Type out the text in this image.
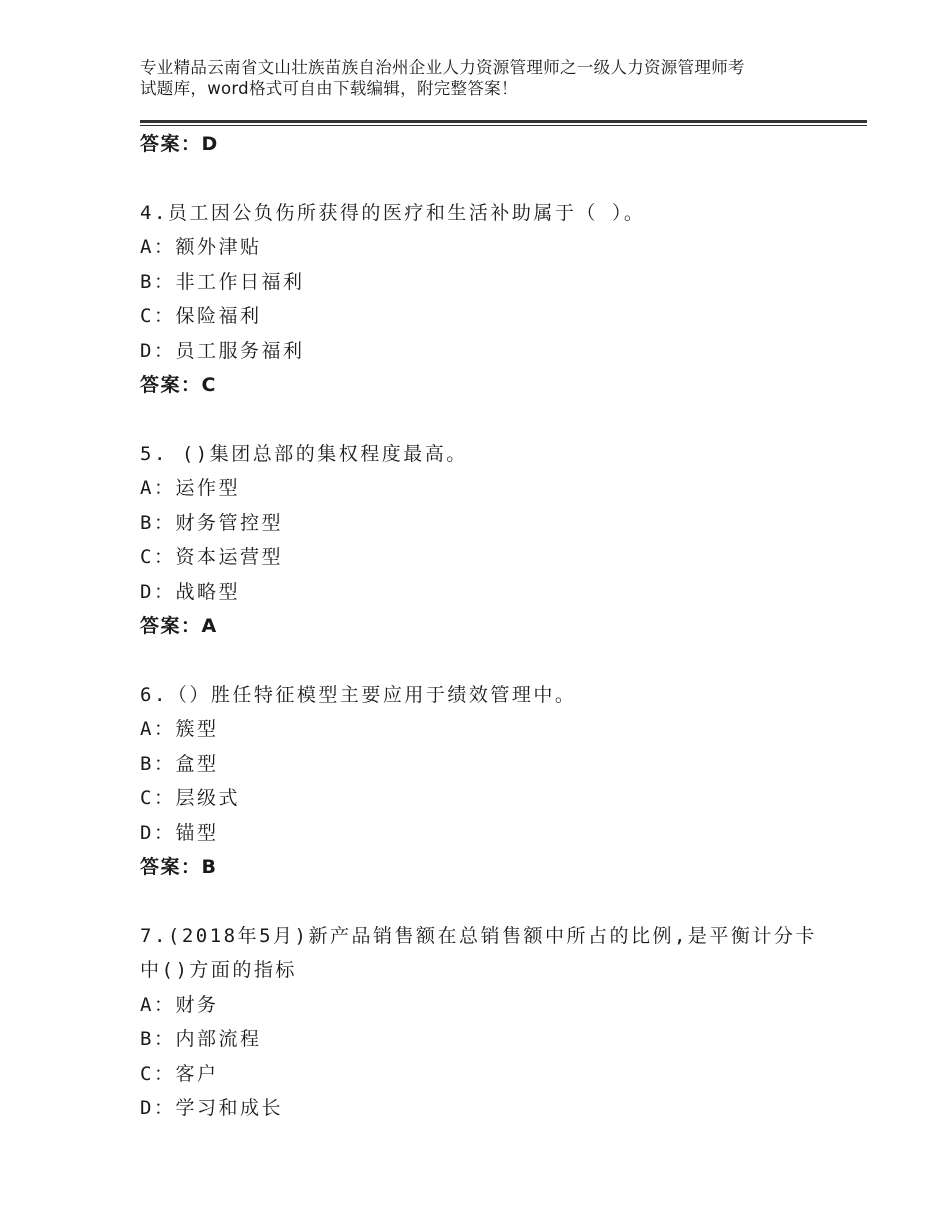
专业精品云南省文山壮族苗族自治州企业人力资源管理师之一级人力资源管理师考
试题库，word格式可自由下载编辑，附完整答案！
答案：D
4.员工因公负伤所获得的医疗和生活补助属于（ ）。
A：额外津贴
B：非工作日福利
C：保险福利
D：员工服务福利
答案：C
5. ()集团总部的集权程度最高。
A：运作型
B：财务管控型
C：资本运营型
D：战略型
答案：A
6.（）胜任特征模型主要应用于绩效管理中。
A：簇型
B：盒型
C：层级式
D：锚型
答案：B
7.(2018年5月)新产品销售额在总销售额中所占的比例,是平衡计分卡
中()方面的指标
A：财务
B：内部流程
C：客户
D：学习和成长
